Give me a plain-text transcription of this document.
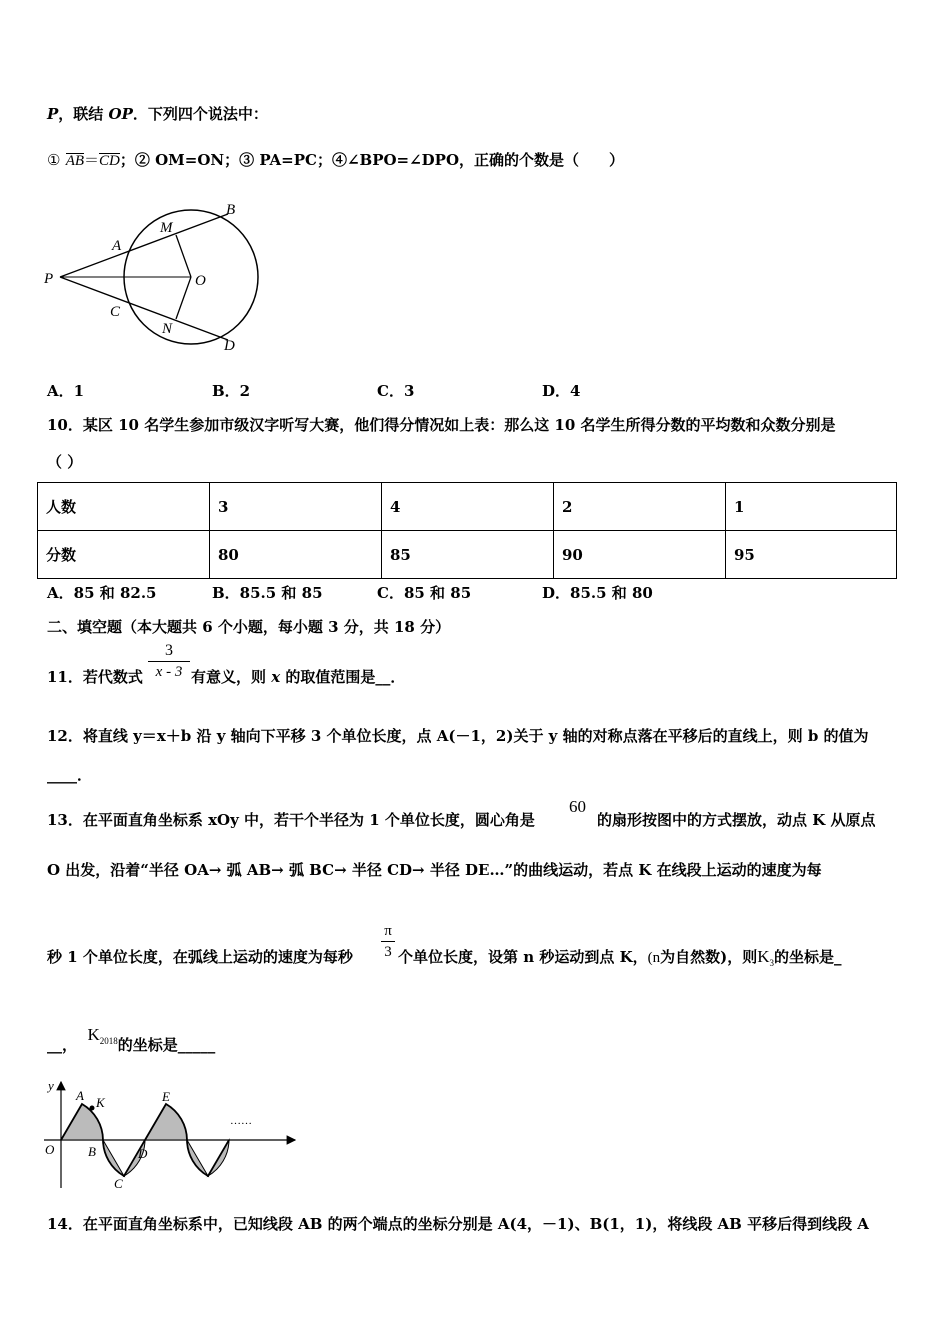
P，联结 OP．下列四个说法中：
① AB＝CD；② OM=ON；③ PA=PC；④∠BPO=∠DPO，正确的个数是（　　）
P
A
M
B
O
C
N
D
A．1	B．2	C．3	D．4
10．某区 10 名学生参加市级汉字听写大赛，他们得分情况如上表：那么这 10 名学生所得分数的平均数和众数分别是
（ ）
人数	3	4	2	1
分数	80	85	90	95
A．85 和 82.5	B．85.5 和 85	C．85 和 85	D．85.5 和 80
二、填空题（本大题共 6 个小题，每小题 3 分，共 18 分）
11．若代数式 $\frac{3}{x - 3}$ 有意义，则 x 的取值范围是__．
12．将直线 y＝x＋b 沿 y 轴向下平移 3 个单位长度，点 A(－1，2)关于 y 轴的对称点落在平移后的直线上，则 b 的值为
____．
13．在平面直角坐标系 xOy 中，若干个半径为 1 个单位长度，圆心角是
60
的扇形按图中的方式摆放，动点 K 从原点
O 出发，沿着“半径 OA→ 弧 AB→ 弧 BC→ 半径 CD→ 半径 DE…”的曲线运动，若点 K 在线段上运动的速度为每
秒 1 个单位长度，在弧线上运动的速度为每秒 $\frac{\pi}{3}$ 个单位长度，设第 n 秒运动到点 K，(n为自然数)，则$K_3$的坐标是_
__，  $K_{2018}$的坐标是_____
y
A K	E
O	B	D
C
……
14．在平面直角坐标系中，已知线段 AB 的两个端点的坐标分别是 A(4，－1)、B(1，1)，将线段 AB 平移后得到线段 A
